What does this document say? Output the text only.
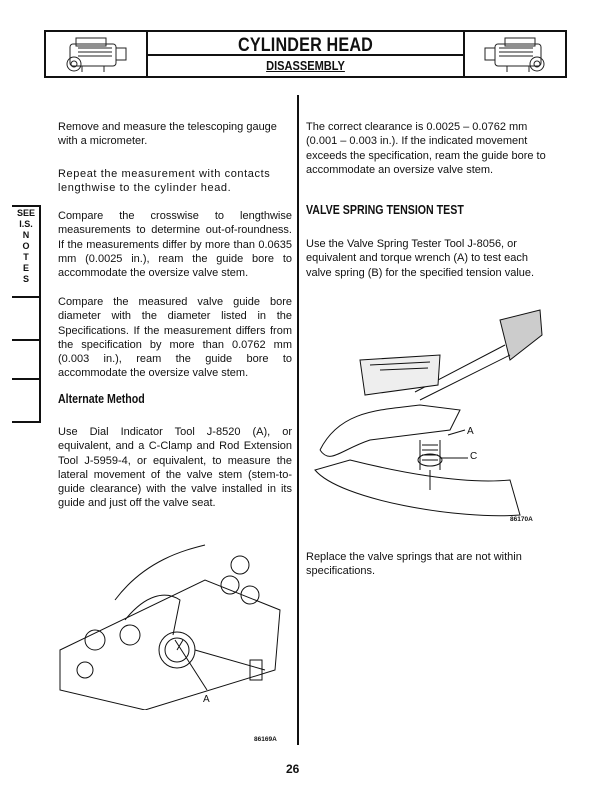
CYLINDER HEAD
DISASSEMBLY
SEE
I.S.
N
O
T
E
S

Remove and measure the telescoping gauge with a micrometer.

Repeat the measurement with contacts lengthwise to the cylinder head.

Compare the crosswise to lengthwise measurements to determine out-of-roundness. If the measurements differ by more than 0.0635 mm (0.0025 in.), ream the guide bore to accommodate the oversize valve stem.

Compare the measured valve guide bore diameter with the diameter listed in the Specifications. If the measurement differs from the specification by more than 0.0762 mm (0.003 in.), ream the guide bore to accommodate the oversize valve stem.

Alternate Method

Use Dial Indicator Tool J-8520 (A), or equivalent, and a C-Clamp and Rod Extension Tool J-5959-4, or equivalent, to measure the lateral movement of the valve stem (stem-to-guide clearance) with the valve installed in its guide and just off the valve seat.

A
86169A

The correct clearance is 0.0025 – 0.0762 mm (0.001 – 0.003 in.). If the indicated movement exceeds the specification, ream the guide bore to accommodate an oversize valve stem.

VALVE SPRING TENSION TEST

Use the Valve Spring Tester Tool J-8056, or equivalent and torque wrench (A) to test each valve spring (B) for the specified tension value.

A
C
86170A

Replace the valve springs that are not within specifications.

26
